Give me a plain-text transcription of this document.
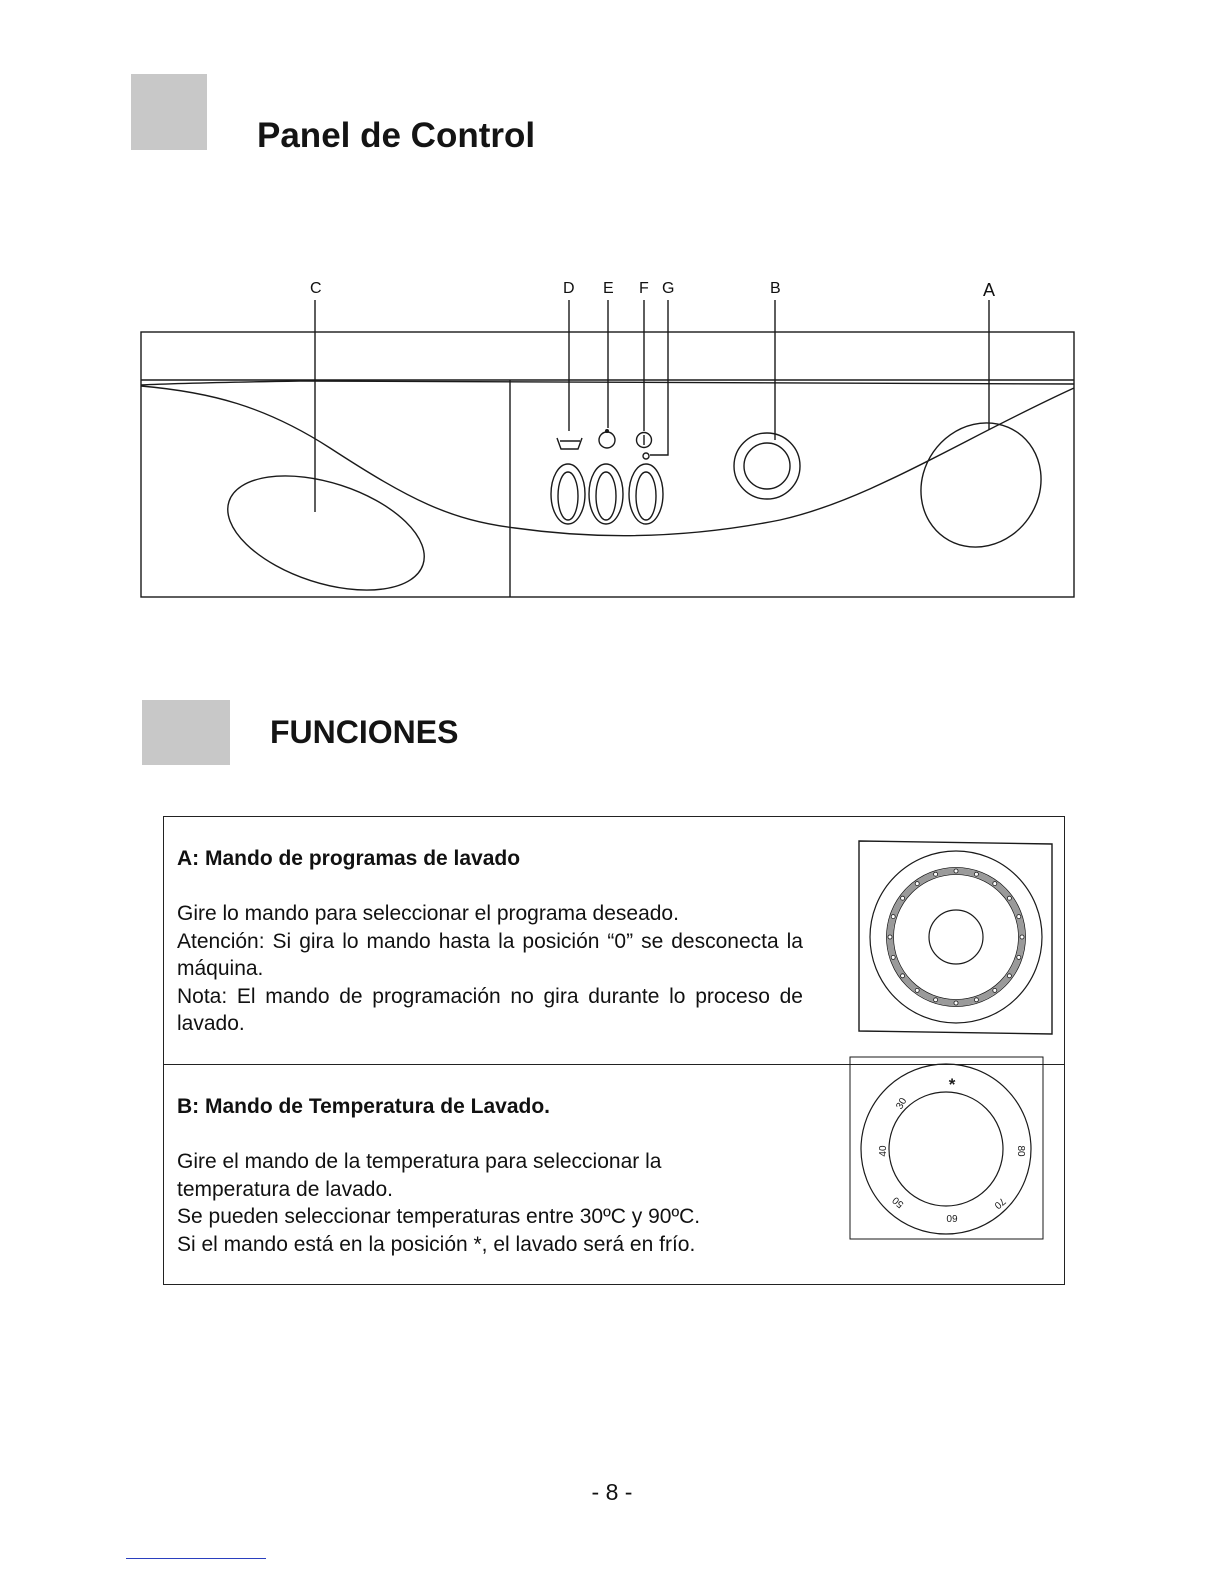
Panel de Control
C	D E F G	B	A
FUNCIONES
A: Mando de programas de lavado

Gire lo mando para seleccionar el programa deseado.

Atención: Si gira lo mando hasta la posición “0” se desconecta la máquina.

Nota: El mando de programación no gira durante lo proceso de lavado.

B: Mando de Temperatura de Lavado.

Gire el mando de la temperatura para seleccionar la temperatura de lavado.

Se pueden seleccionar temperaturas entre 30ºC y 90ºC.

Si el mando está en la posición *, el lavado será en frío.

*
30
40
50
60
70
80
- 8 -
